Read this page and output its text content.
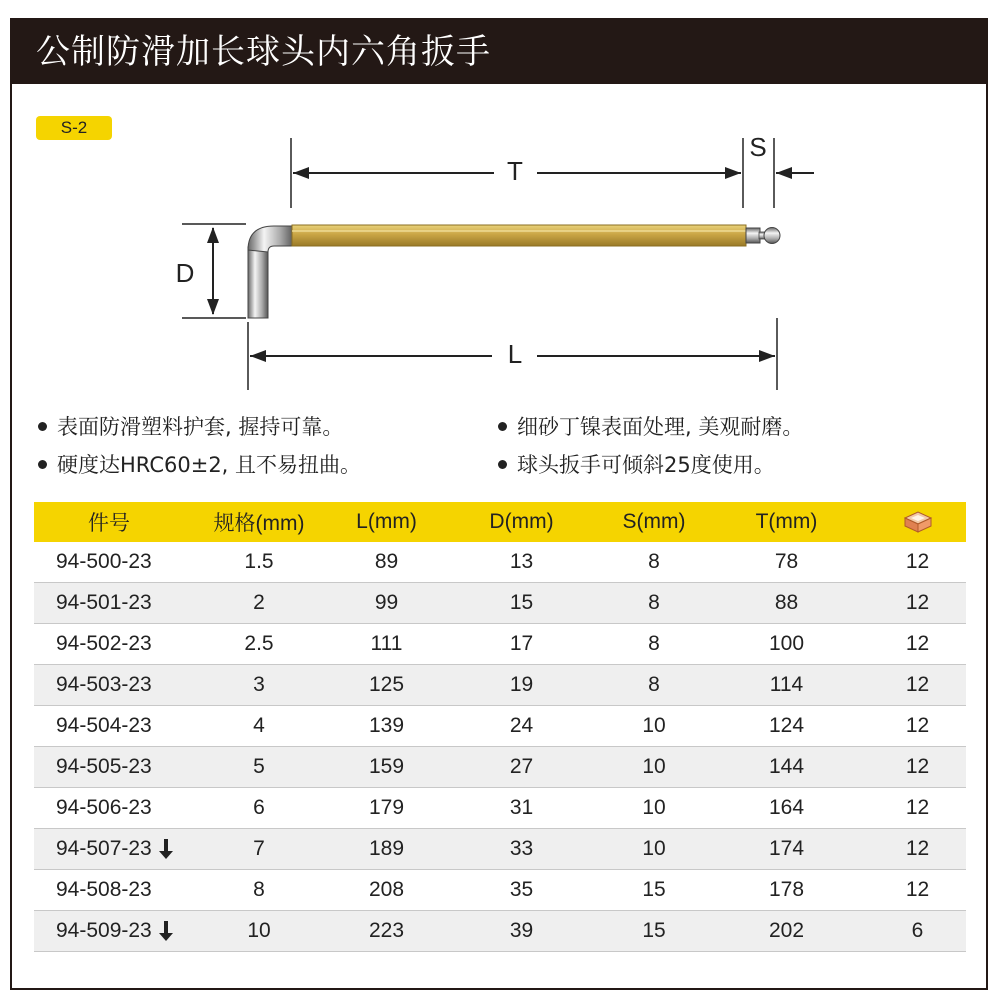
公制防滑加长球头内六角扳手
S-2
T
S
D
L
表面防滑塑料护套, 握持可靠。	细砂丁镍表面处理, 美观耐磨。
硬度达HRC60±2, 且不易扭曲。	球头扳手可倾斜25度使用。
件号	规格(mm)	L(mm)	D(mm)	S(mm)	T(mm)
94-500-23	1.5	89	13	8	78	12
94-501-23	2	99	15	8	88	12
94-502-23	2.5	111	17	8	100	12
94-503-23	3	125	19	8	114	12
94-504-23	4	139	24	10	124	12
94-505-23	5	159	27	10	144	12
94-506-23	6	179	31	10	164	12
94-507-23	7	189	33	10	174	12
94-508-23	8	208	35	15	178	12
94-509-23	10	223	39	15	202	6
